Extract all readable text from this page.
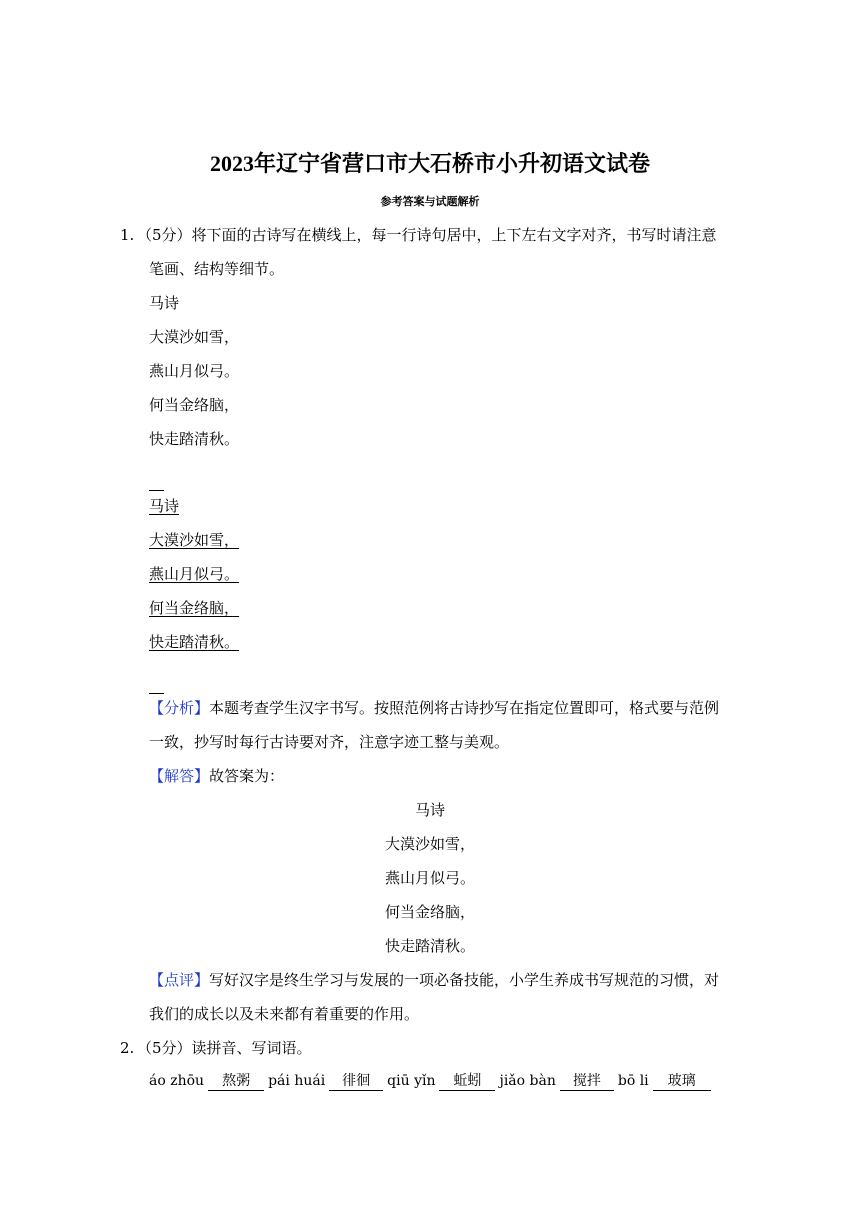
2023年辽宁省营口市大石桥市小升初语文试卷
参考答案与试题解析
1. （5分）将下面的古诗写在横线上，每一行诗句居中，上下左右文字对齐，书写时请注意
笔画、结构等细节。
马诗
大漠沙如雪，
燕山月似弓。
何当金络脑，
快走踏清秋。
马诗
大漠沙如雪，
燕山月似弓。
何当金络脑，
快走踏清秋。
【分析】本题考查学生汉字书写。按照范例将古诗抄写在指定位置即可，格式要与范例
一致，抄写时每行古诗要对齐，注意字迹工整与美观。
【解答】故答案为：
马诗
大漠沙如雪，
燕山月似弓。
何当金络脑，
快走踏清秋。
【点评】写好汉字是终生学习与发展的一项必备技能，小学生养成书写规范的习惯，对
我们的成长以及未来都有着重要的作用。
2. （5分）读拼音、写词语。
áo zhōu 熬粥 pái huái 徘徊 qiū yǐn 蚯蚓 jiǎo bàn 搅拌 bō li 玻璃
